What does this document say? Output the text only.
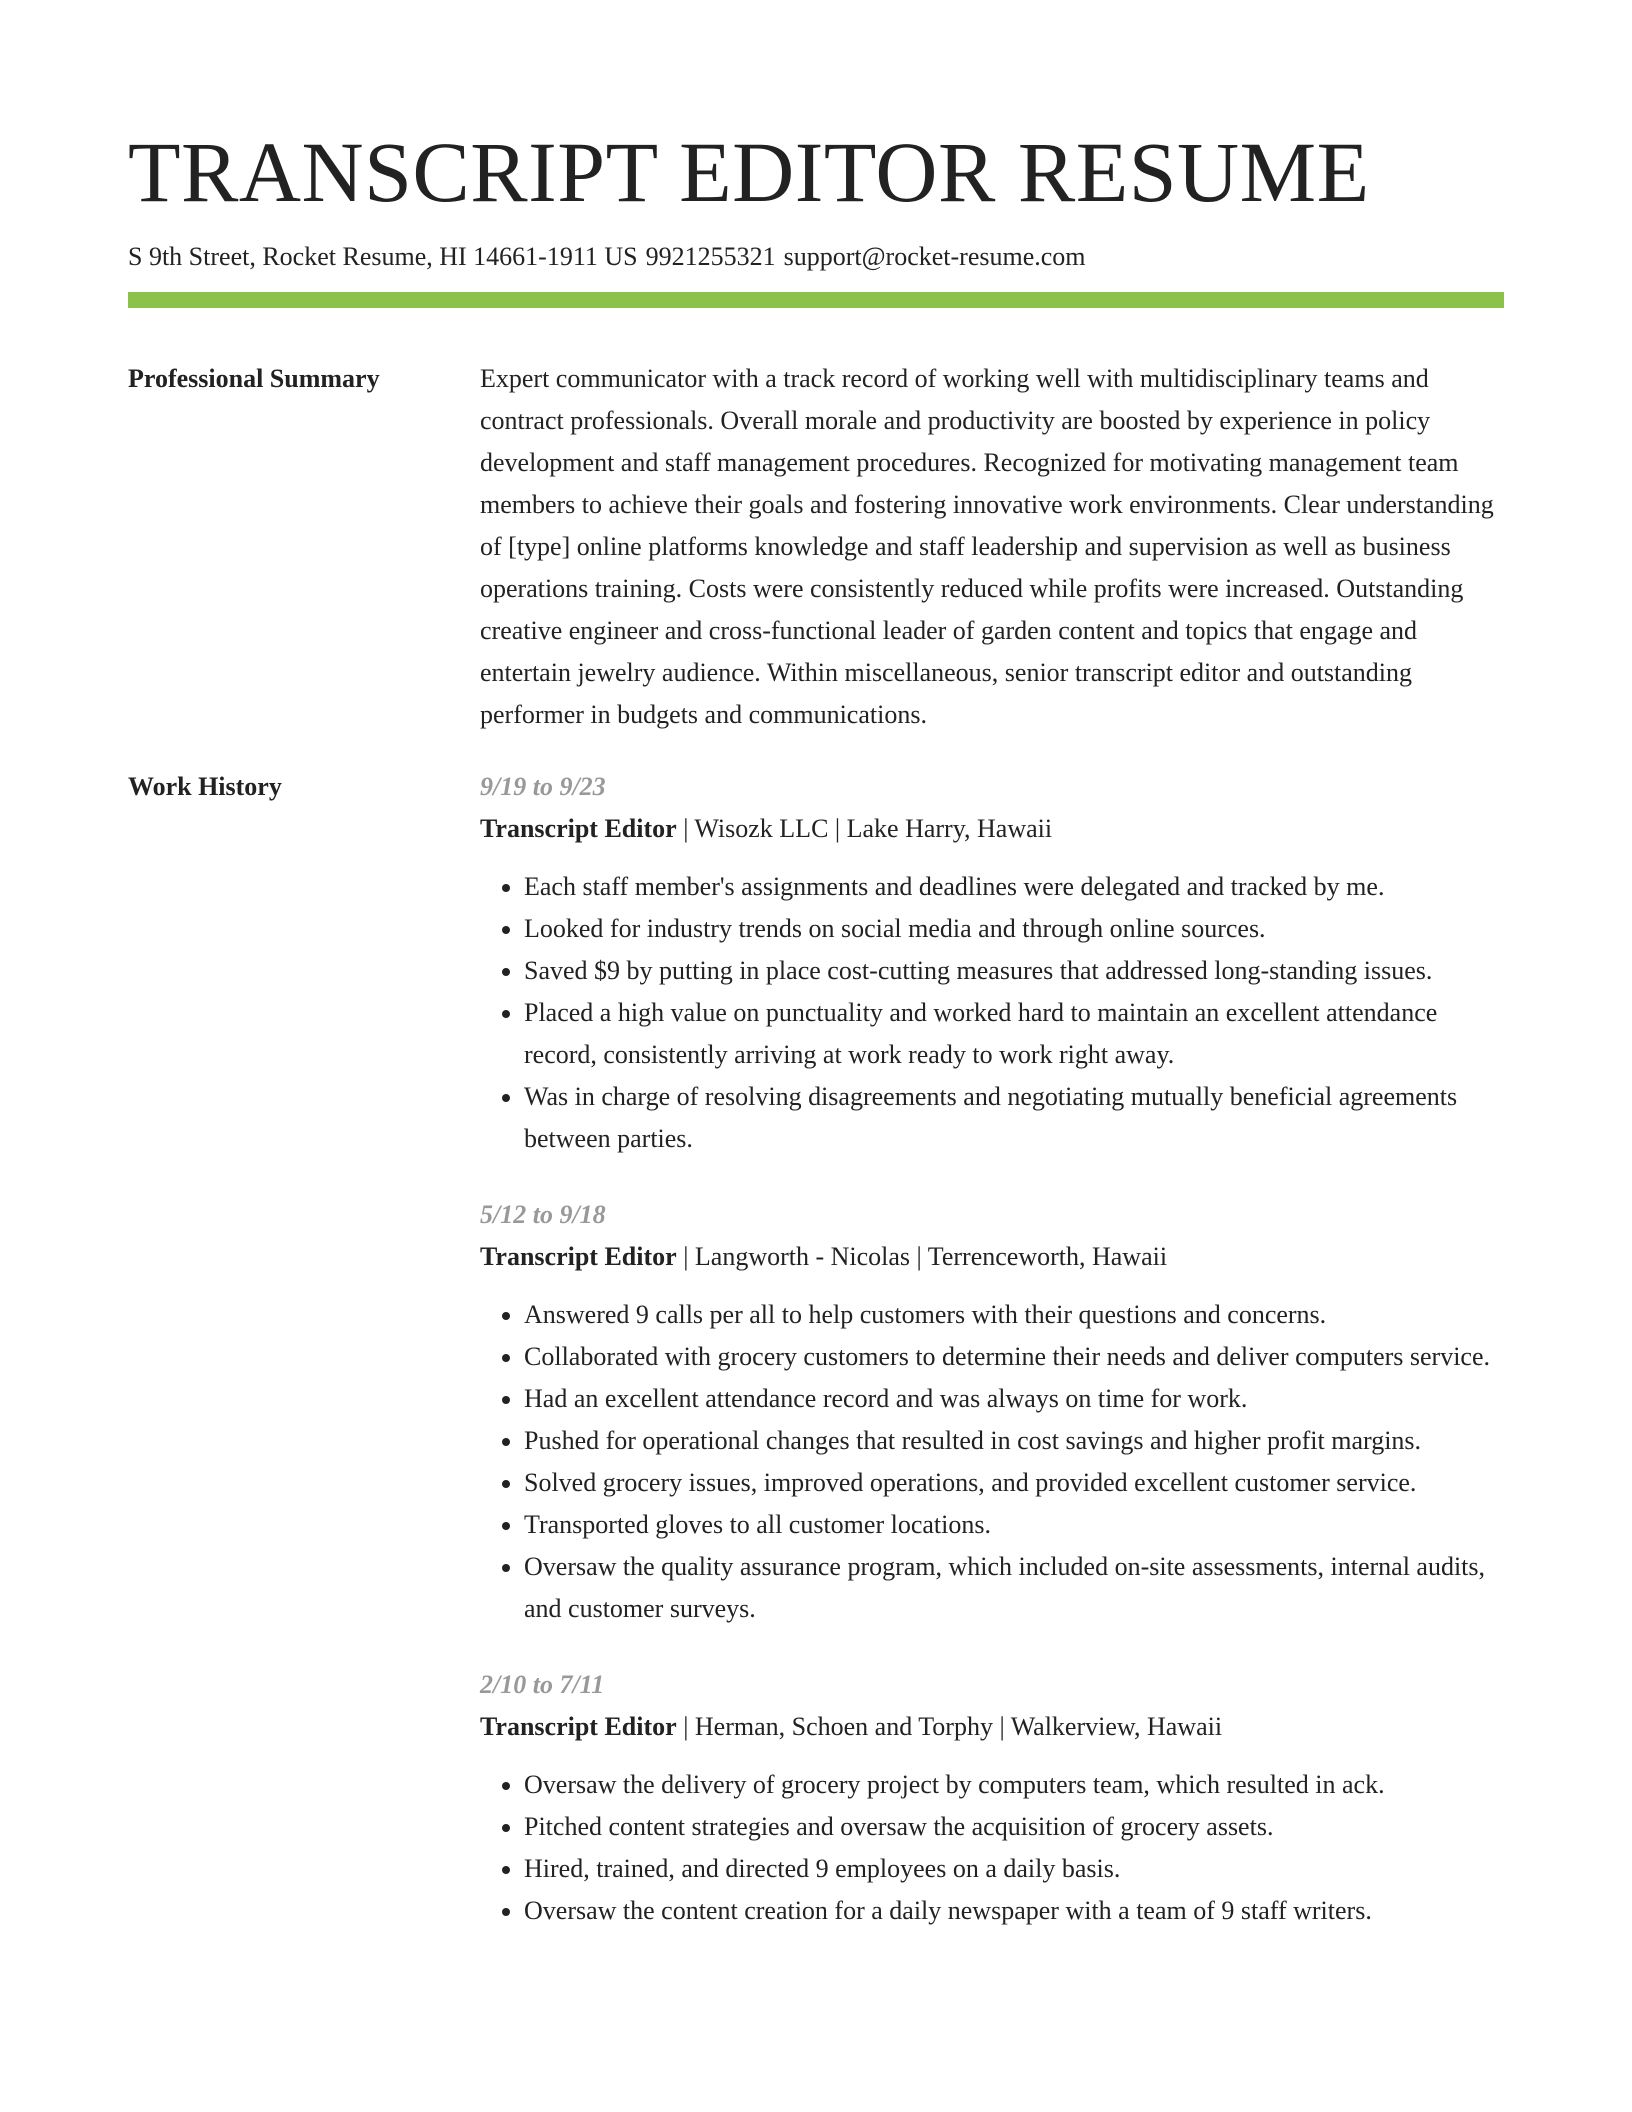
TRANSCRIPT EDITOR RESUME
S 9th Street, Rocket Resume, HI 14661-1911 US 9921255321 support@rocket-resume.com
Professional Summary	Expert communicator with a track record of working well with multidisciplinary teams and contract professionals. Overall morale and productivity are boosted by experience in policy development and staff management procedures. Recognized for motivating management team members to achieve their goals and fostering innovative work environments. Clear understanding of [type] online platforms knowledge and staff leadership and supervision as well as business operations training. Costs were consistently reduced while profits were increased. Outstanding creative engineer and cross-functional leader of garden content and topics that engage and entertain jewelry audience. Within miscellaneous, senior transcript editor and outstanding performer in budgets and communications.

Work History	9/19 to 9/23
Transcript Editor | Wisozk LLC | Lake Harry, Hawaii
• Each staff member's assignments and deadlines were delegated and tracked by me.
• Looked for industry trends on social media and through online sources.
• Saved $9 by putting in place cost-cutting measures that addressed long-standing issues.
• Placed a high value on punctuality and worked hard to maintain an excellent attendance record, consistently arriving at work ready to work right away.
• Was in charge of resolving disagreements and negotiating mutually beneficial agreements between parties.
5/12 to 9/18
Transcript Editor | Langworth - Nicolas | Terrenceworth, Hawaii
• Answered 9 calls per all to help customers with their questions and concerns.
• Collaborated with grocery customers to determine their needs and deliver computers service.
• Had an excellent attendance record and was always on time for work.
• Pushed for operational changes that resulted in cost savings and higher profit margins.
• Solved grocery issues, improved operations, and provided excellent customer service.
• Transported gloves to all customer locations.
• Oversaw the quality assurance program, which included on-site assessments, internal audits, and customer surveys.
2/10 to 7/11
Transcript Editor | Herman, Schoen and Torphy | Walkerview, Hawaii
• Oversaw the delivery of grocery project by computers team, which resulted in ack.
• Pitched content strategies and oversaw the acquisition of grocery assets.
• Hired, trained, and directed 9 employees on a daily basis.
• Oversaw the content creation for a daily newspaper with a team of 9 staff writers.
